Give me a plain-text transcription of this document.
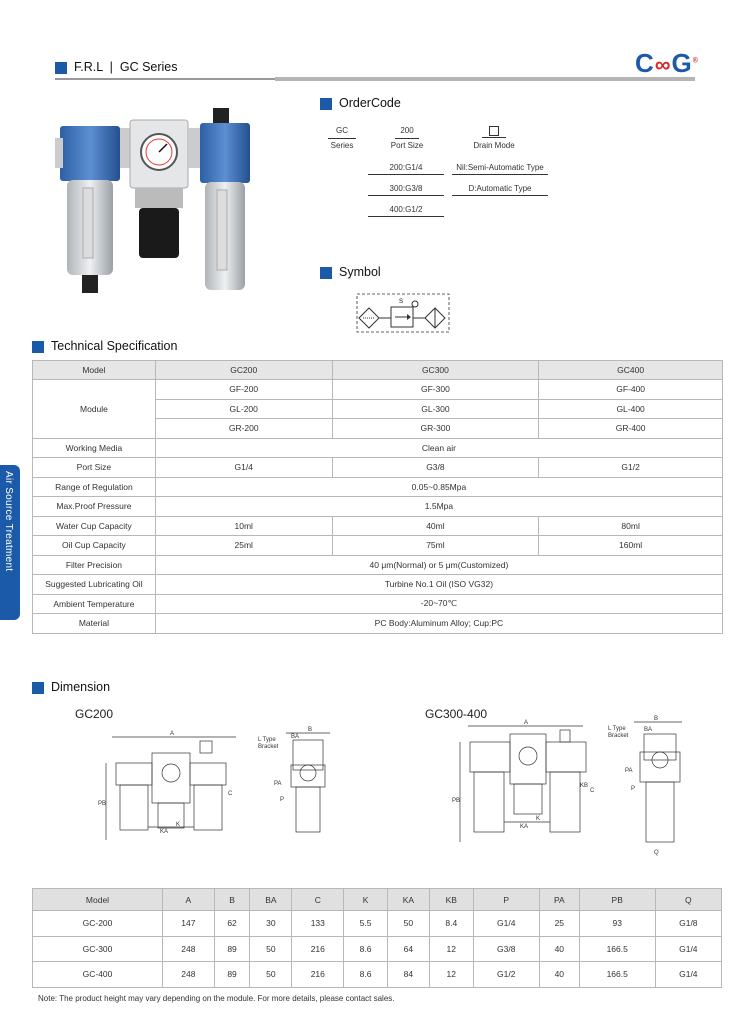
F.R.L  |  GC Series	C∞G®
Air Source Treatment
OrderCode
GC
Series
200
Port Size	Drain Mode
200:G1/4
300:G3/8
400:G1/2
Nil:Semi-Automatic Type
D:Automatic Type
Symbol
S
Technical Specification
Model	GC200	GC300	GC400
Module	GF-200	GF-300	GF-400
	GL-200	GL-300	GL-400
	GR-200	GR-300	GR-400
Working Media	Clean air		
Port Size	G1/4	G3/8	G1/2
Range of Regulation	0.05~0.85Mpa		
Max.Proof Pressure	1.5Mpa		
Water Cup Capacity	10ml	40ml	80ml
Oil Cup Capacity	25ml	75ml	160ml
Filter Precision	40 μm(Normal) or 5 μm(Customized)		
Suggested Lubricating Oil	Turbine No.1 Oil (ISO VG32)		
Ambient Temperature	-20~70℃		
Material	PC Body:Aluminum Alloy; Cup:PC		
Dimension
GC200	GC300-400
A
PB
KA
K
C
B
BA
L Type
Bracket
PA
P
A
PB
KA
K
KB
C
B
BA
L Type
Bracket
PA
P
Q
Model	A	B	BA	C	K	KA	KB	P	PA	PB	Q
GC-200	147	62	30	133	5.5	50	8.4	G1/4	25	93	G1/8
GC-300	248	89	50	216	8.6	64	12	G3/8	40	166.5	G1/4
GC-400	248	89	50	216	8.6	84	12	G1/2	40	166.5	G1/4
Note: The product height may vary depending on the module. For more details, please contact sales.
